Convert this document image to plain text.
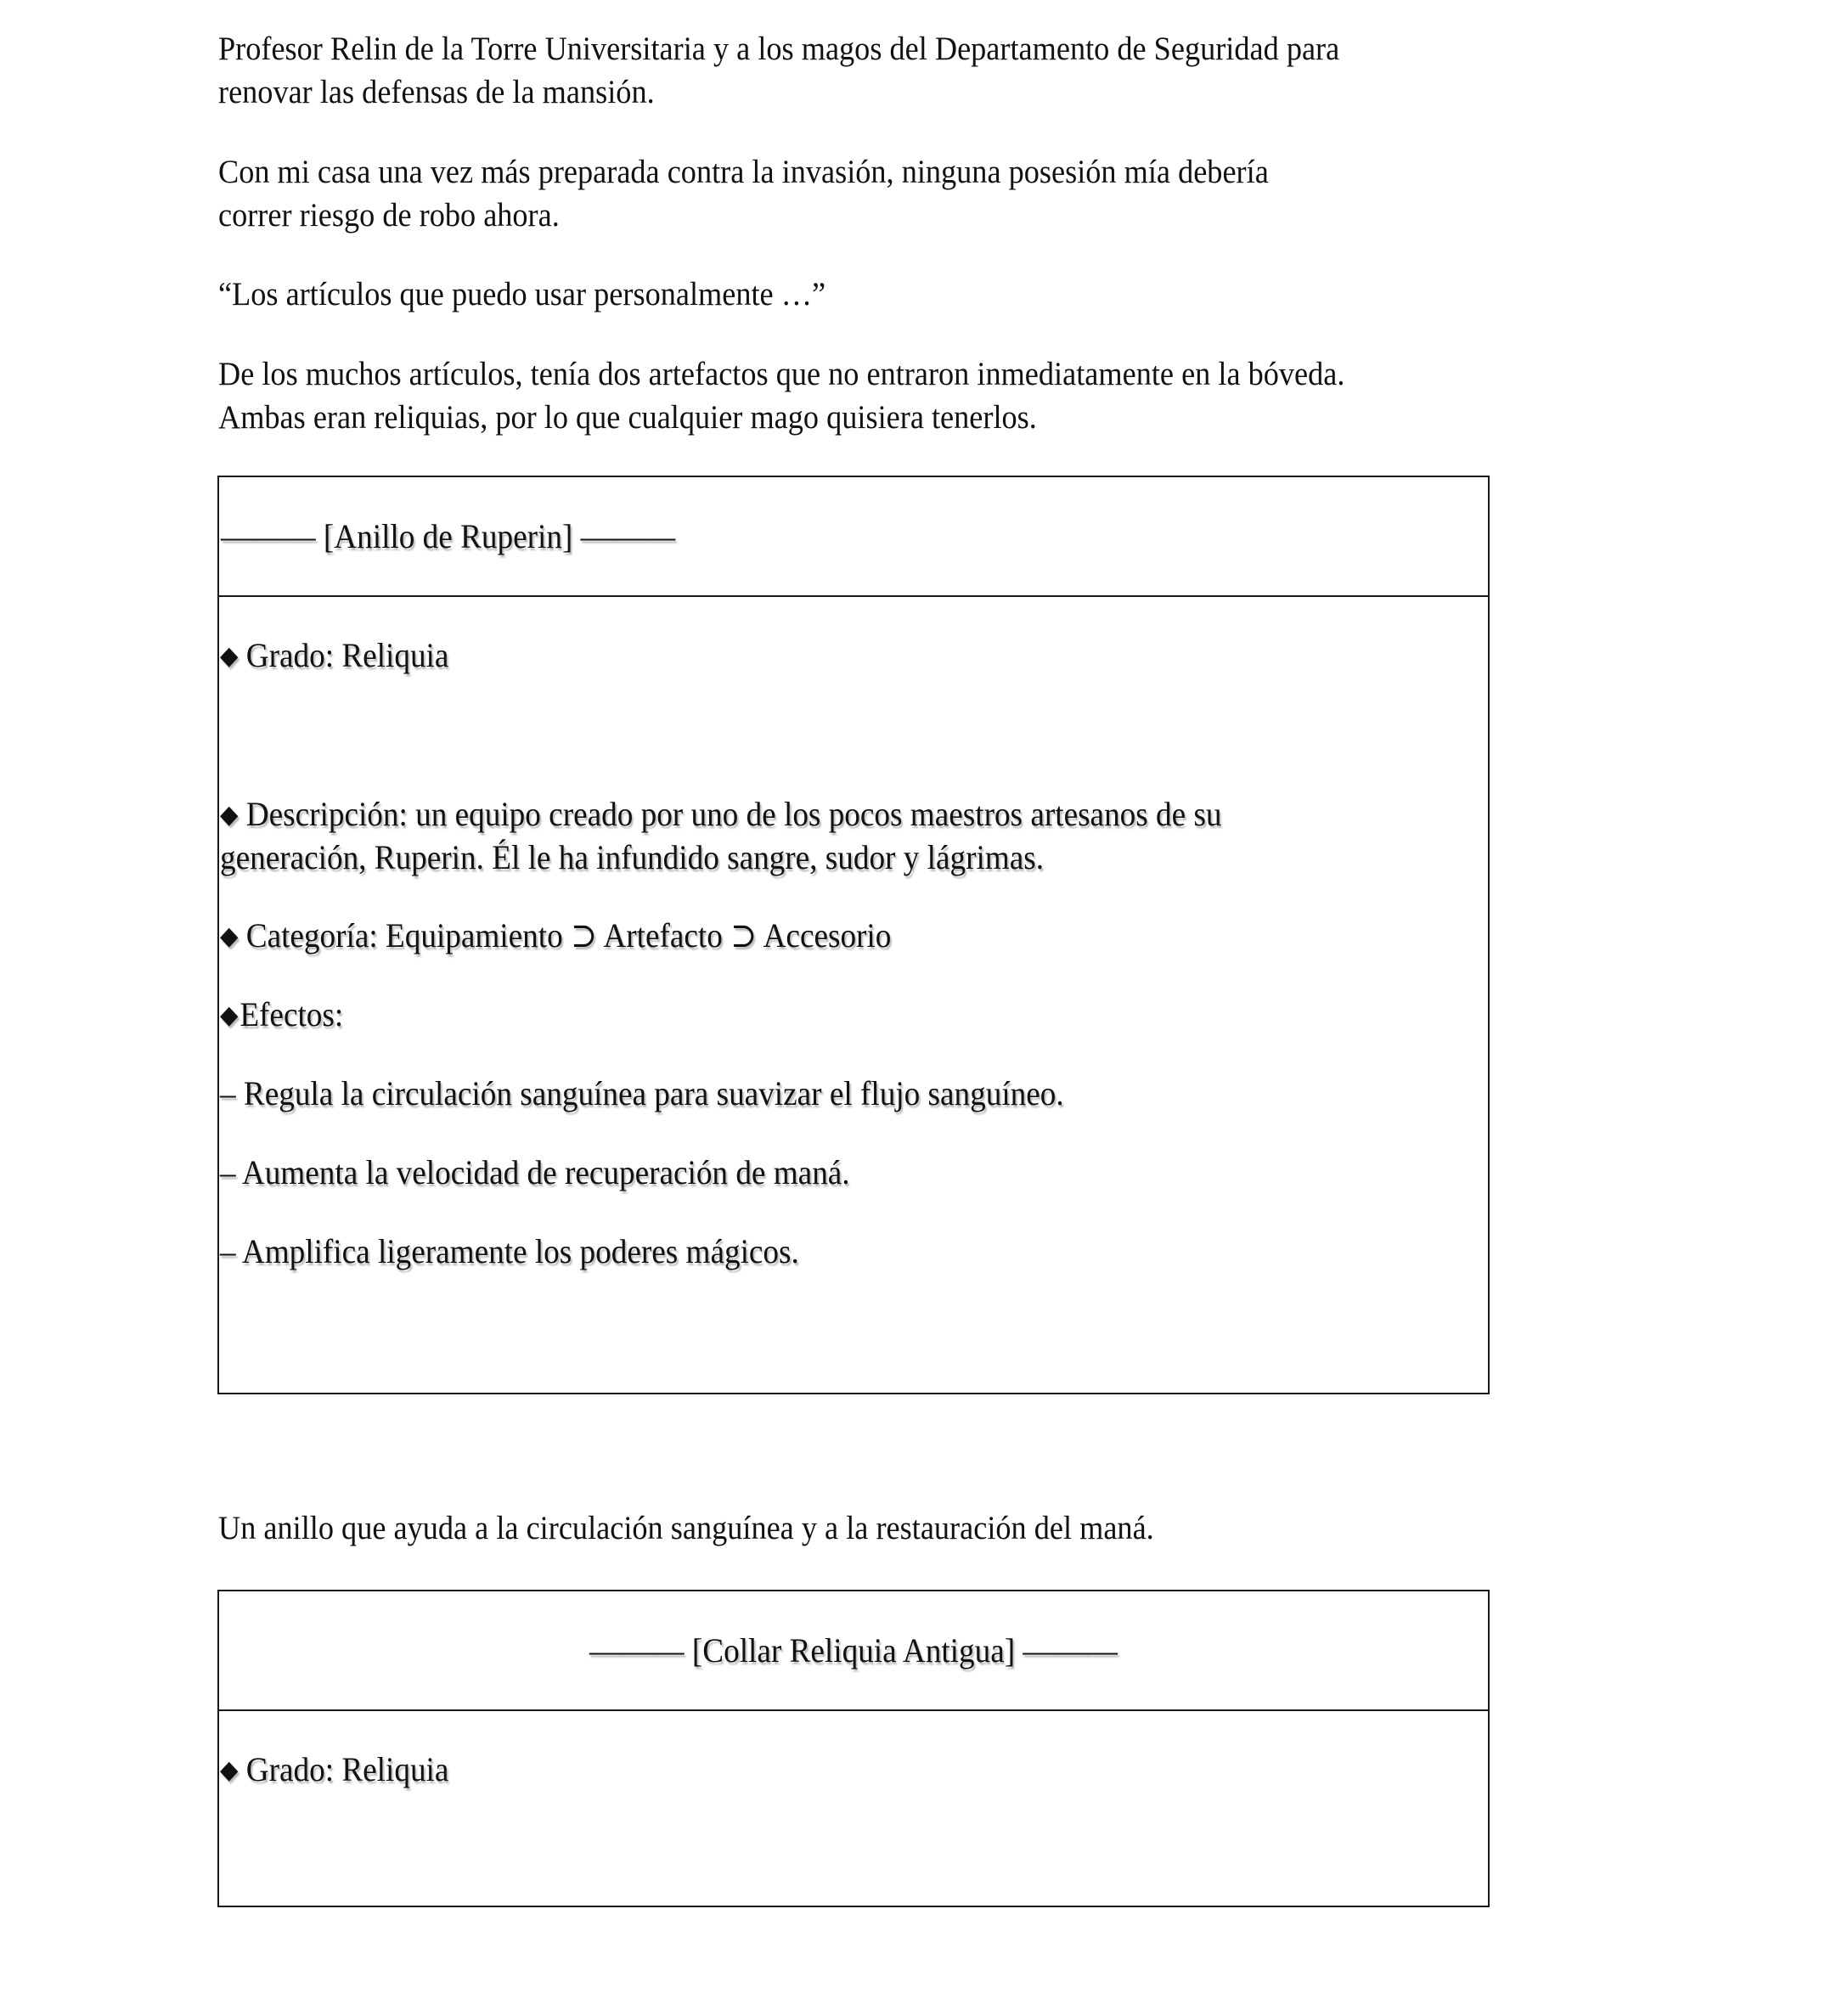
Profesor Relin de la Torre Universitaria y a los magos del Departamento de Seguridad para
renovar las defensas de la mansión.
Con mi casa una vez más preparada contra la invasión, ninguna posesión mía debería
correr riesgo de robo ahora.
“Los artículos que puedo usar personalmente …”
De los muchos artículos, tenía dos artefactos que no entraron inmediatamente en la bóveda.
Ambas eran reliquias, por lo que cualquier mago quisiera tenerlos.
——— [Anillo de Ruperin] ———
◆ Grado: Reliquia
◆ Descripción: un equipo creado por uno de los pocos maestros artesanos de su
generación, Ruperin. Él le ha infundido sangre, sudor y lágrimas.
◆ Categoría: Equipamiento ⊃ Artefacto ⊃ Accesorio
◆Efectos:
– Regula la circulación sanguínea para suavizar el flujo sanguíneo.
– Aumenta la velocidad de recuperación de maná.
– Amplifica ligeramente los poderes mágicos.
Un anillo que ayuda a la circulación sanguínea y a la restauración del maná.
——— [Collar Reliquia Antigua] ———
◆ Grado: Reliquia
